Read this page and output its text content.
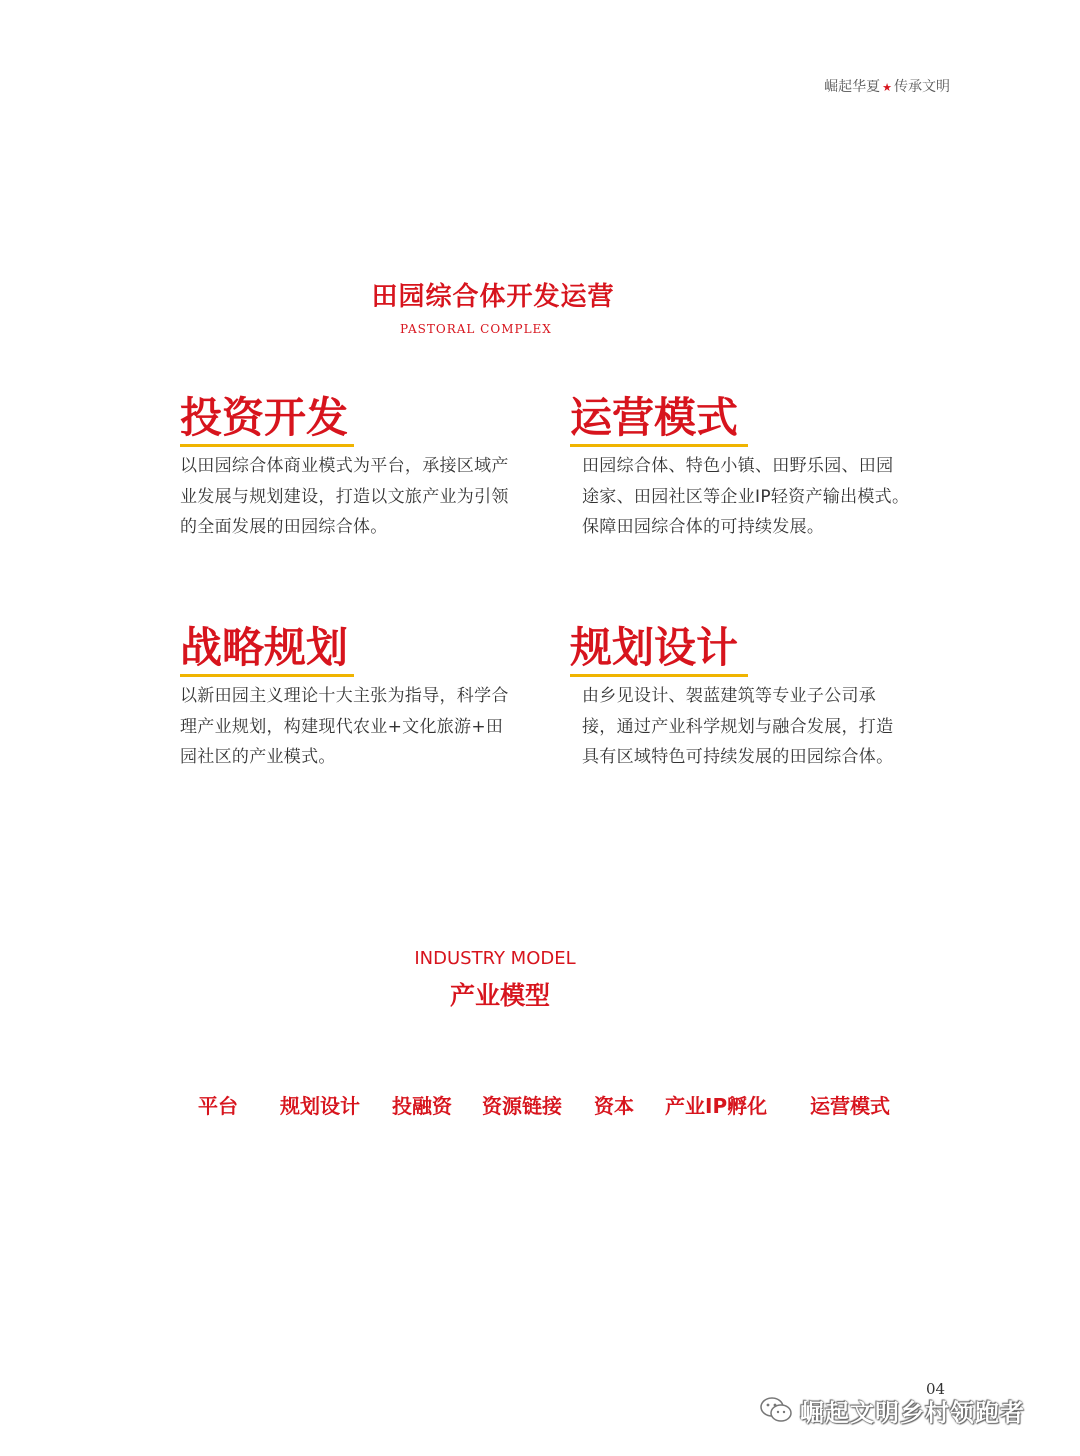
崛起华夏 ★ 传承文明
田园综合体开发运营
PASTORAL COMPLEX
投资开发
以田园综合体商业模式为平台，承接区域产业发展与规划建设，打造以文旅产业为引领的全面发展的田园综合体。
运营模式
田园综合体、特色小镇、田野乐园、田园途家、田园社区等企业IP轻资产输出模式。保障田园综合体的可持续发展。
战略规划
以新田园主义理论十大主张为指导，科学合理产业规划，构建现代农业+文化旅游+田园社区的产业模式。
规划设计
由乡见设计、袈蓝建筑等专业子公司承接，通过产业科学规划与融合发展，打造具有区域特色可持续发展的田园综合体。
INDUSTRY MODEL
产业模型
平台 规划设计 投融资 资源链接 资本 产业IP孵化 运营模式
04
崛起文明乡村领跑者
